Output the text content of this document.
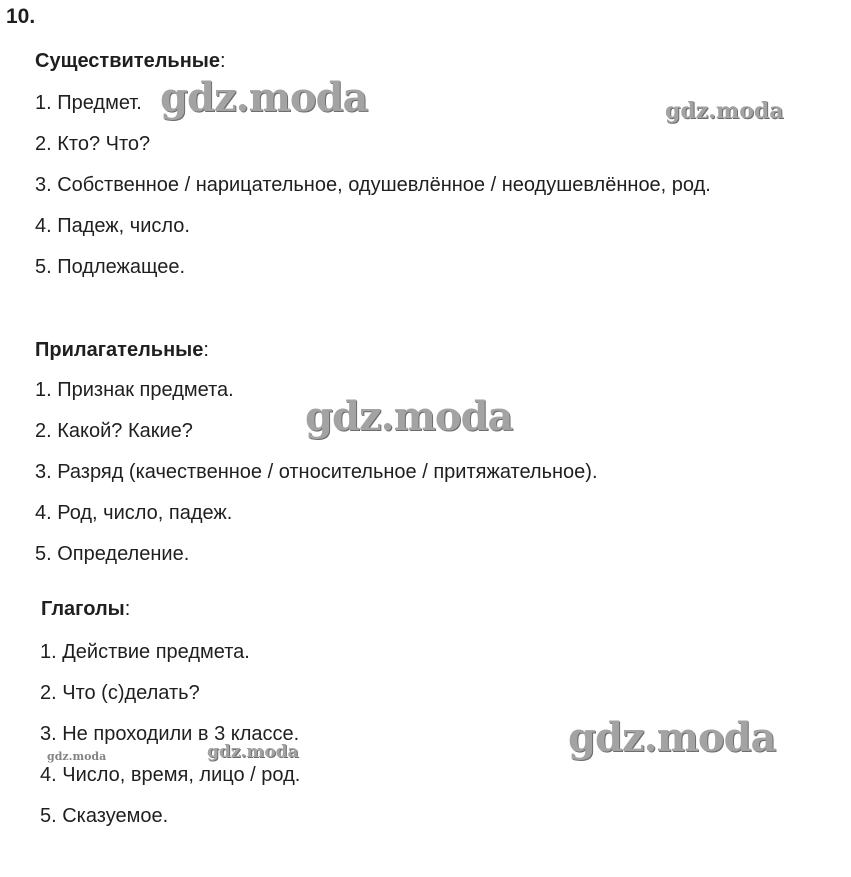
10.
Существительные:
1. Предмет.
2. Кто? Что?
3. Собственное / нарицательное, одушевлённое / неодушевлённое, род.
4. Падеж, число.
5. Подлежащее.
Прилагательные:
1. Признак предмета.
2. Какой? Какие?
3. Разряд (качественное / относительное / притяжательное).
4. Род, число, падеж.
5. Определение.
Глаголы:
1. Действие предмета.
2. Что (с)делать?
3. Не проходили в 3 классе.
4. Число, время, лицо / род.
5. Сказуемое.
gdz.moda	gdz.moda
gdz.moda
gdz.moda
gdz.moda
gdz.moda
